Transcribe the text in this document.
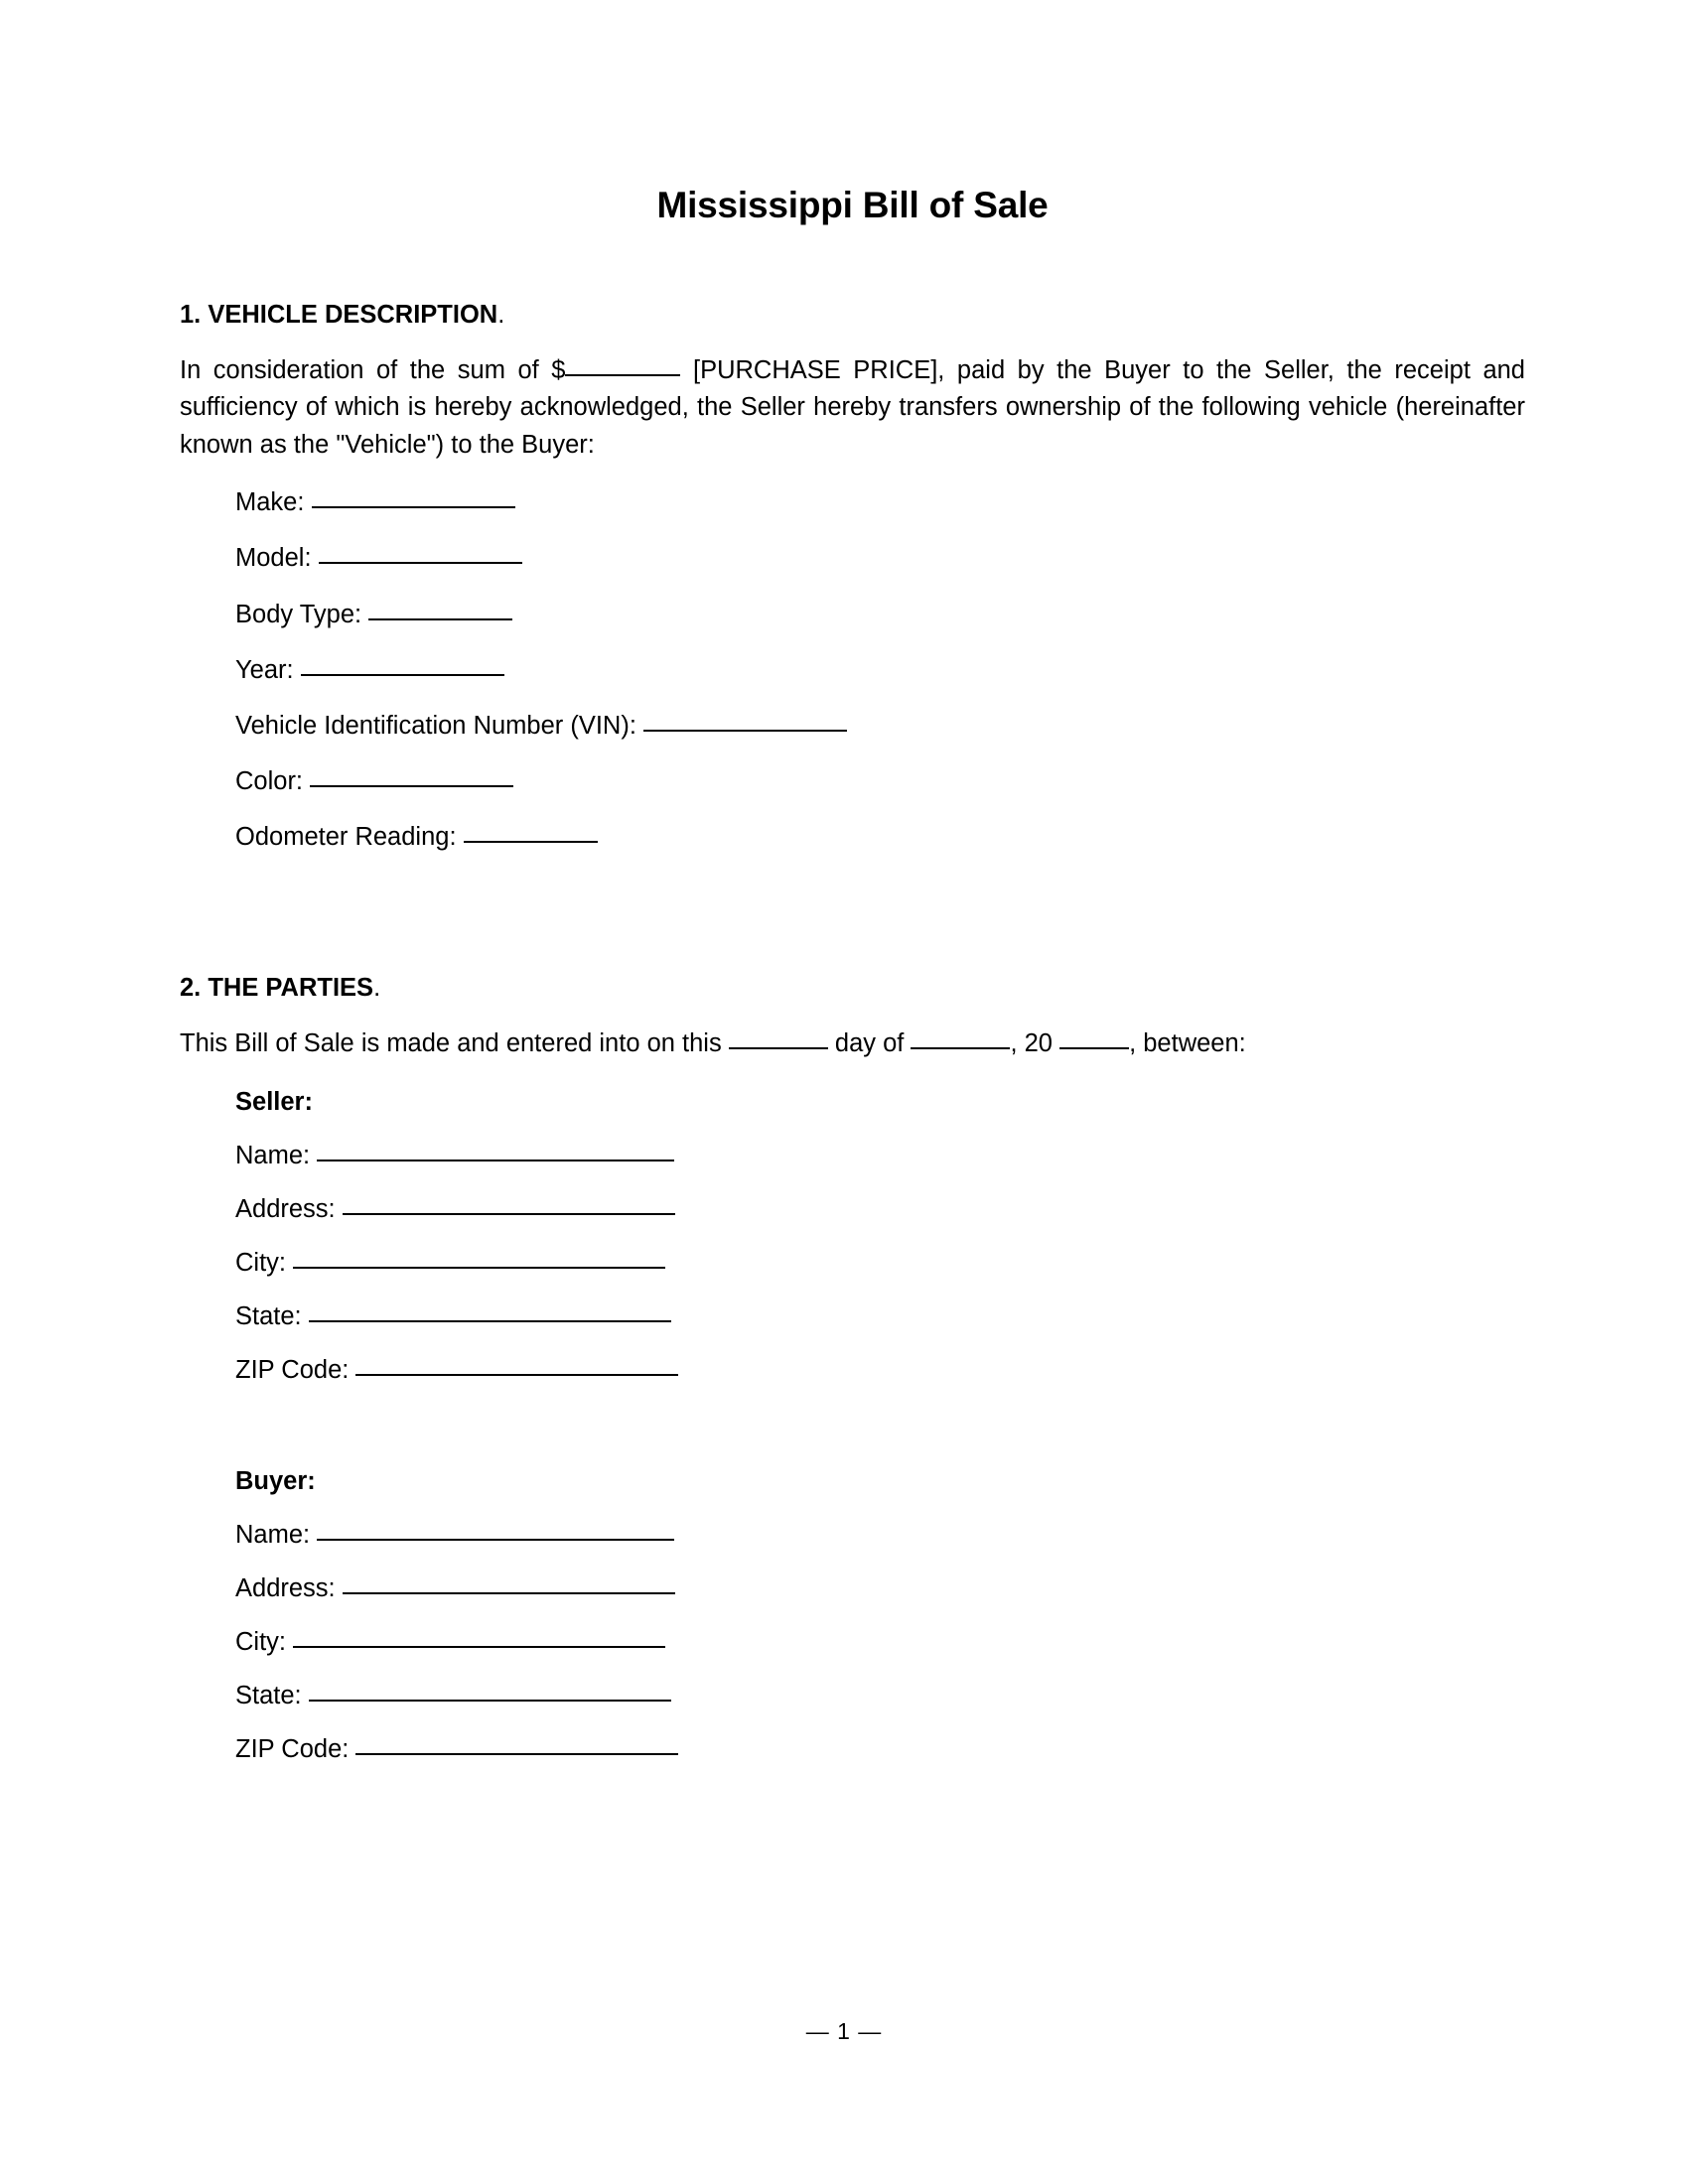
Mississippi Bill of Sale
1. VEHICLE DESCRIPTION.

In consideration of the sum of $	[PURCHASE PRICE], paid by the Buyer to the Seller, the receipt and sufficiency of which is hereby acknowledged, the Seller hereby transfers ownership of the following vehicle (hereinafter known as the "Vehicle") to the Buyer:

Make:
Model:
Body Type:
Year:
Vehicle Identification Number (VIN):
Color:
Odometer Reading:
2. THE PARTIES.

This Bill of Sale is made and entered into on this	day of	, 20	, between:

Seller:
Name:
Address:
City:
State:
ZIP Code:
Buyer:
Name:
Address:
City:
State:
ZIP Code:
— 1 —
